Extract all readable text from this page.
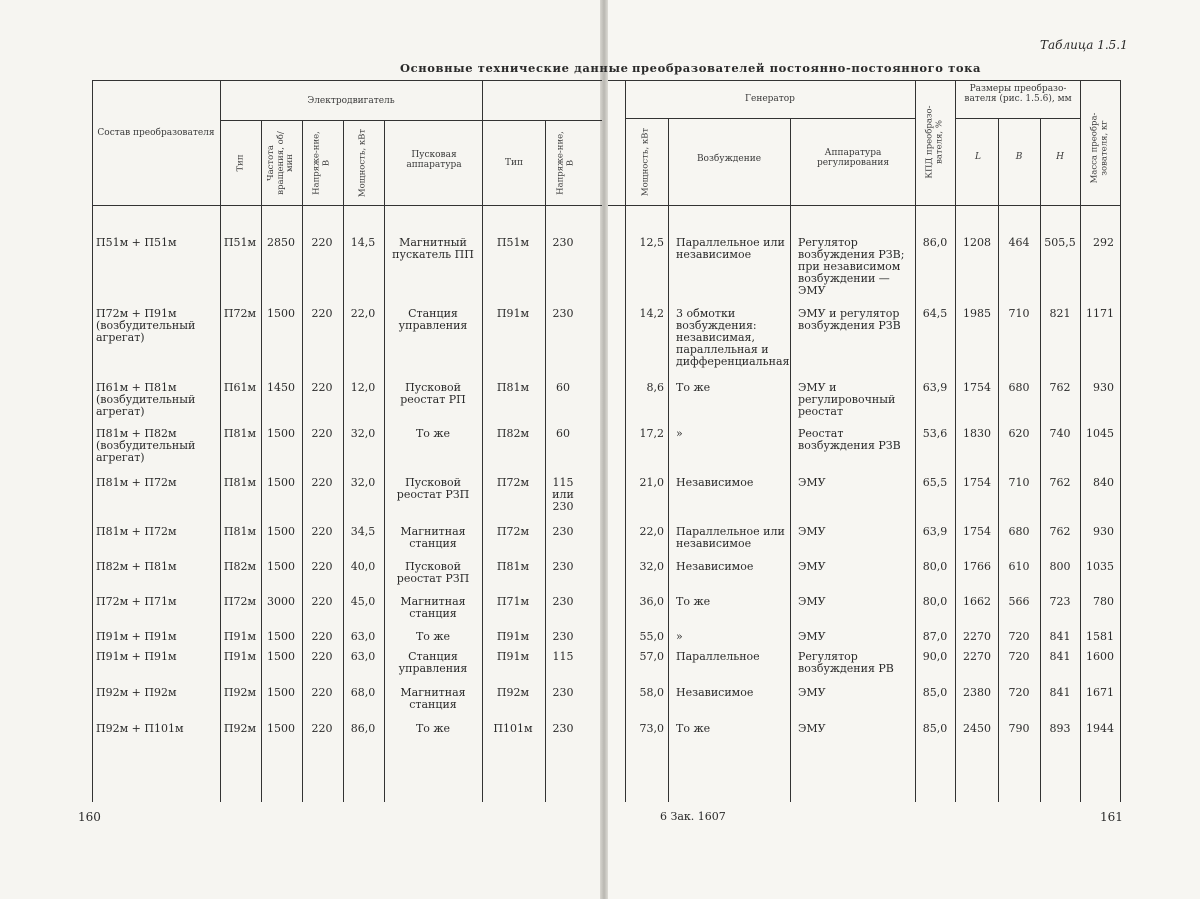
Основные технические данные преобразователей постоянно-постоянного тока
Таблица 1.5.1
Состав преобразователя
Электродвигатель
Тип Частота вращения, об/мин Напряже-ние, В	Мощность, кВт	Пусковая аппаратура	Тип	Напряже-ние, В
Генератор
Мощность, кВт	Возбуждение
Аппаратура регулирования	КПД преобразо-вателя, %
Размеры преобразо-вателя (рис. 1.5.6), мм
L	B	H	Масса преобра-зователя, кг
П51м + П51м	П51м 2850 220 14,5	Магнитный пускатель ПП
П51м	230	12,5 Параллельное или независимое
Регулятор возбуждения РЗВ; при независимом возбуждении — ЭМУ
86,0 1208 464 505,5 292
П72м + П91м (возбудительный агрегат)
П72м 1500 220 22,0	Станция управления
П91м	230	14,2 3 обмотки возбуждения: независимая, параллельная и дифференциальная
ЭМУ и регулятор возбуждения РЗВ
64,5 1985 710 821 1171
П61м + П81м (возбудительный агрегат)
П61м 1450 220 12,0	Пусковой реостат РП
П81м	60	8,6 То же	ЭМУ и регулировочный реостат
63,9 1754 680 762 930
П81м + П82м (возбудительный агрегат)
П81м 1500 220 32,0	То же	П82м	60	17,2 »	Реостат возбуждения РЗВ
53,6 1830 620 740 1045
П81м + П72м	П81м 1500 220 32,0	Пусковой реостат РЗП
П72м	115 или 230
21,0 Независимое	ЭМУ	65,5 1754 710 762 840
П81м + П72м	П81м 1500 220 34,5	Магнитная станция
П72м	230	22,0 Параллельное или независимое
ЭМУ	63,9 1754 680 762 930
П82м + П81м	П82м 1500 220 40,0	Пусковой реостат РЗП
П81м	230	32,0 Независимое	ЭМУ	80,0 1766 610 800 1035
П72м + П71м	П72м 3000 220 45,0	Магнитная станция
П71м	230	36,0 То же	ЭМУ	80,0 1662 566 723 780
П91м + П91м	П91м 1500 220 63,0	То же	П91м	230	55,0 »	ЭМУ	87,0 2270 720 841 1581
П91м + П91м	П91м 1500 220 63,0	Станция управления
П91м	115	57,0 Параллельное	Регулятор возбуждения РВ
90,0 2270 720 841 1600
П92м + П92м	П92м 1500 220 68,0	Магнитная станция
П92м	230	58,0 Независимое	ЭМУ	85,0 2380 720 841 1671
П92м + П101м	П92м 1500 220 86,0	То же	П101м	230	73,0 То же	ЭМУ	85,0 2450 790 893 1944
160	161
6 Зак. 1607
